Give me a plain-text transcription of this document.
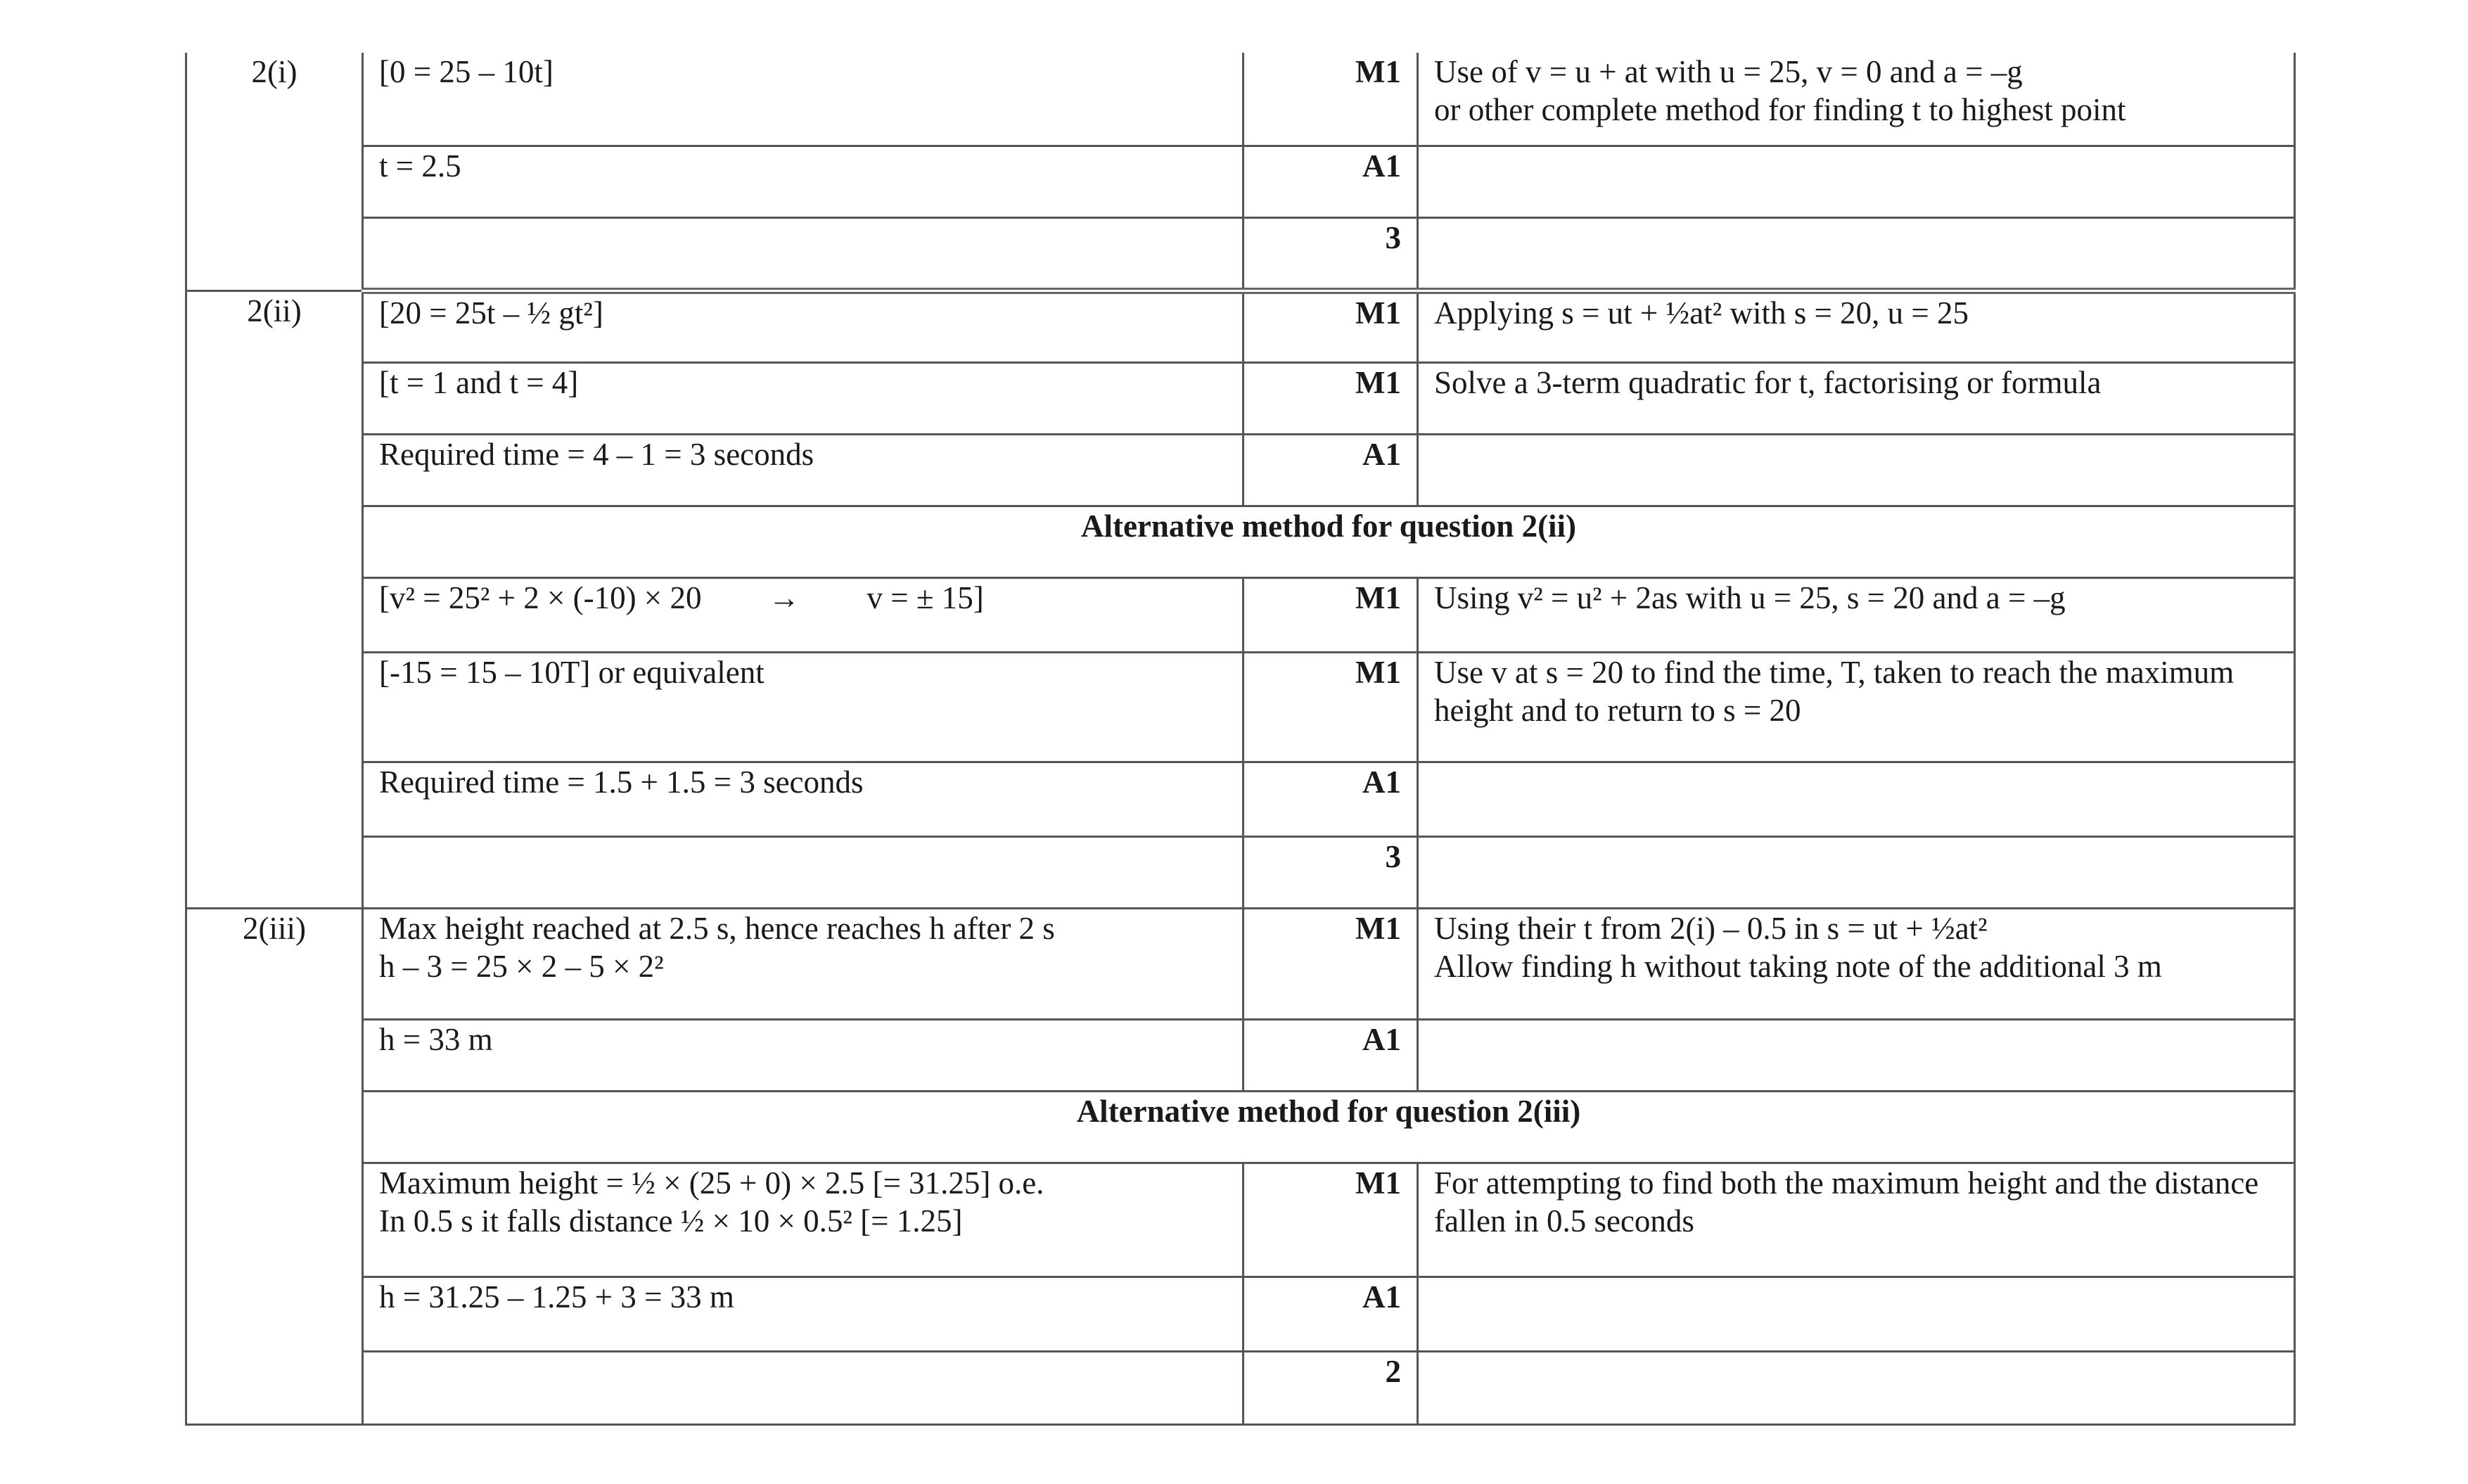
2(i)	[0 = 25 – 10t]	M1	Use of v = u + at with u = 25, v = 0 and a = –g
or other complete method for finding t to highest point

	t = 2.5	A1	
		3	
2(ii)	[20 = 25t – ½ gt²]	M1	Applying s = ut + ½at² with s = 20, u = 25

	[t = 1 and t = 4]	M1	Solve a 3-term quadratic for t, factorising or formula

	Required time = 4 – 1 = 3 seconds	A1	
	Alternative method for question 2(ii)		

	[v² = 25² + 2 × (-10) × 20 → v = ± 15]	M1	Using v² = u² + 2as with u = 25, s = 20 and a = –g

	[-15 = 15 – 10T] or equivalent	M1	Use v at s = 20 to find the time, T, taken to reach the maximum
height and to return to s = 20

	Required time = 1.5 + 1.5 = 3 seconds	A1	
		3	
2(iii)	Max height reached at 2.5 s, hence reaches h after 2 s
h – 3 = 25 × 2 – 5 × 2²	M1	Using their t from 2(i) – 0.5 in s = ut + ½at²
Allow finding h without taking note of the additional 3 m

	h = 33 m	A1	
	Alternative method for question 2(iii)		

	Maximum height = ½ × (25 + 0) × 2.5 [= 31.25] o.e.
In 0.5 s it falls distance ½ × 10 × 0.5² [= 1.25]	M1	For attempting to find both the maximum height and the distance
fallen in 0.5 seconds

	h = 31.25 – 1.25 + 3 = 33 m	A1	
		2	
